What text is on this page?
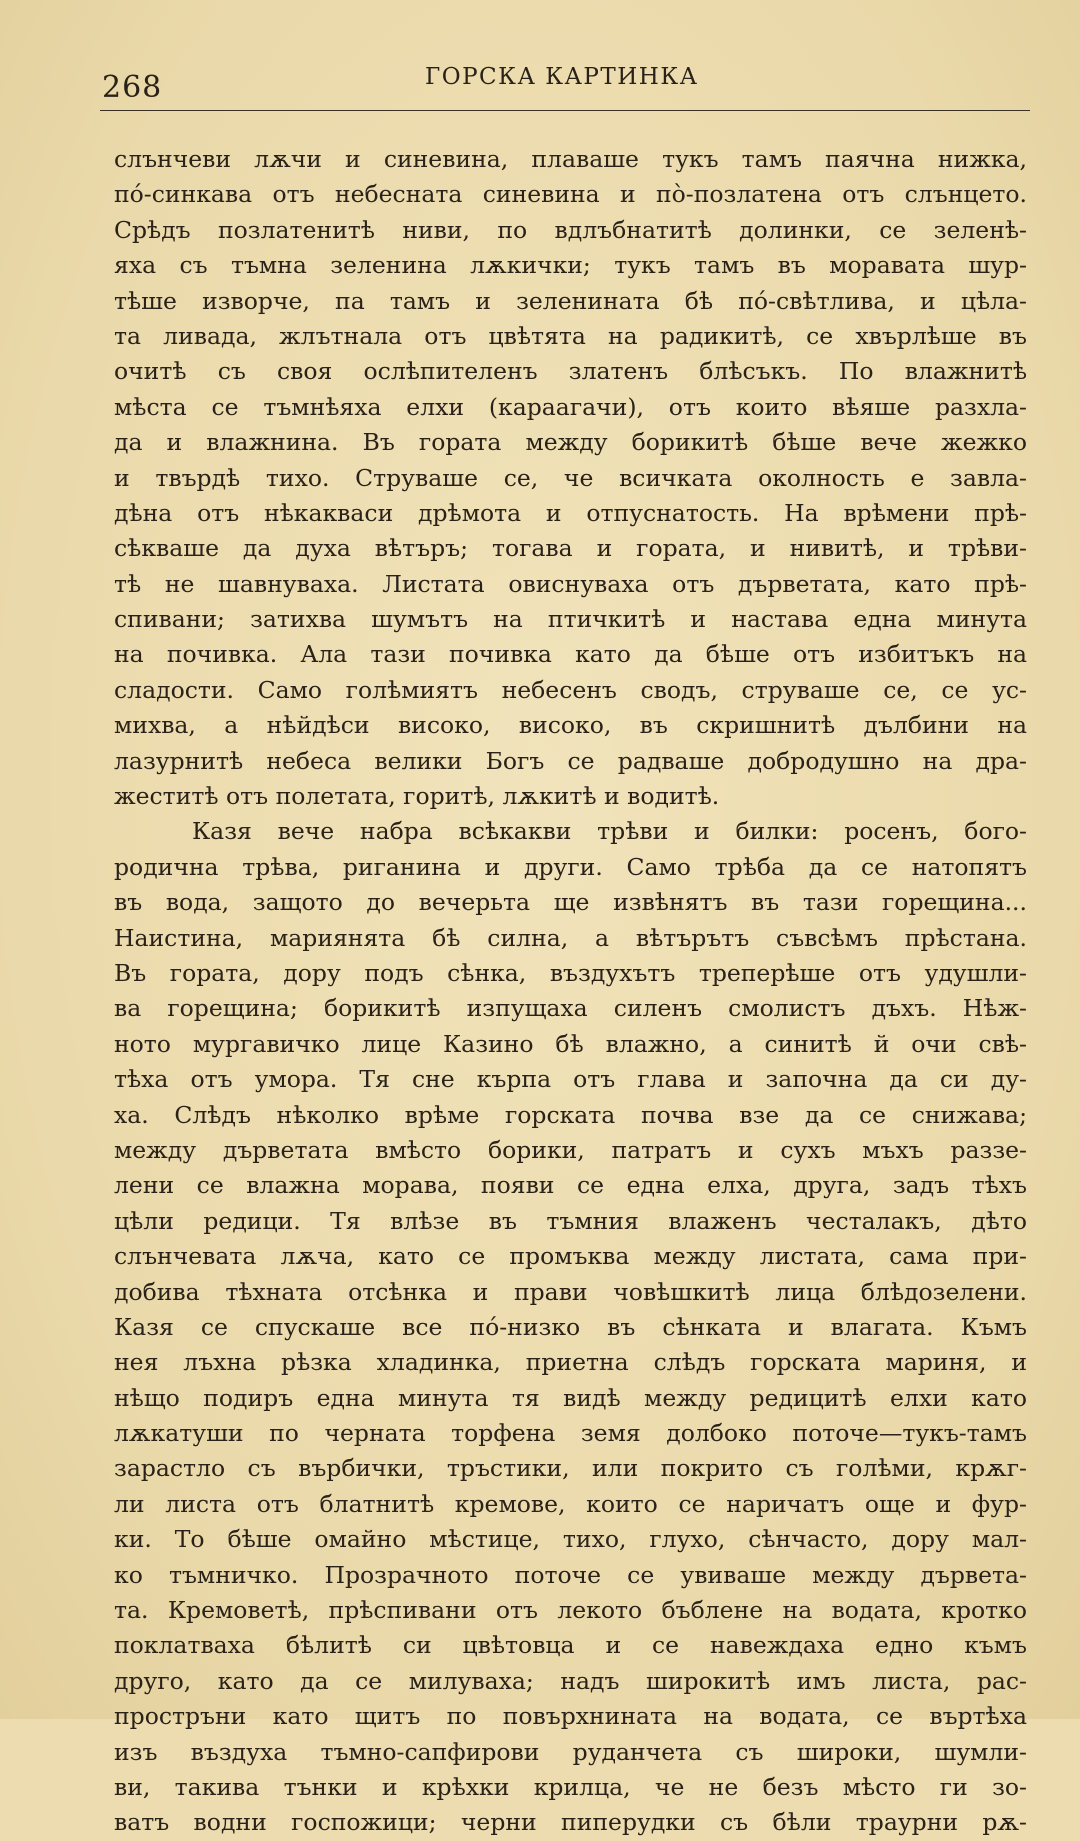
268	ГОРСКА КАРТИНКА
слънчеви лѫчи и синевина, плаваше тукъ тамъ паячна нижка,
по́-синкава отъ небесната синевина и по̀-позлатена отъ слънцето.
Срѣдъ позлатенитѣ ниви, по вдлъбнатитѣ долинки, се зеленѣ-
яха съ тъмна зеленина лѫкички; тукъ тамъ въ моравата шур-
тѣше изворче, па тамъ и зеленината бѣ по́-свѣтлива, и цѣла-
та ливада, жлътнала отъ цвѣтята на радикитѣ, се хвърлѣше въ
очитѣ съ своя ослѣпителенъ златенъ блѣсъкъ. По влажнитѣ
мѣста се тъмнѣяха елхи (караагачи), отъ които вѣяше разхла-
да и влажнина. Въ гората между борикитѣ бѣше вече жежко
и твърдѣ тихо. Струваше се, че всичката околность е завла-
дѣна отъ нѣкакваси дрѣмота и отпуснатость. На врѣмени прѣ-
сѣкваше да духа вѣтъръ; тогава и гората, и нивитѣ, и трѣви-
тѣ не шавнуваха. Листата овиснуваха отъ дърветата, като прѣ-
спивани; затихва шумътъ на птичкитѣ и настава една минута
на почивка. Ала тази почивка като да бѣше отъ избитъкъ на
сладости. Само голѣмиятъ небесенъ сводъ, струваше се, се ус-
михва, а нѣйдѣси високо, високо, въ скришнитѣ дълбини на
лазурнитѣ небеса велики Богъ се радваше добродушно на дра-
жеститѣ отъ полетата, горитѣ, лѫкитѣ и водитѣ.
Казя вече набра всѣкакви трѣви и билки: росенъ, бого-
родична трѣва, риганина и други. Само трѣба да се натопятъ
въ вода, защото до вечерьта ще извѣнятъ въ тази горещина...
Наистина, мариянята бѣ силна, а вѣтърътъ съвсѣмъ прѣстана.
Въ гората, дору подъ сѣнка, въздухътъ треперѣше отъ удушли-
ва горещина; борикитѣ изпущаха силенъ смолистъ дъхъ. Нѣж-
ното мургавичко лице Казино бѣ влажно, а синитѣ й очи свѣ-
тѣха отъ умора. Тя сне кърпа отъ глава и започна да си ду-
ха. Слѣдъ нѣколко врѣме горската почва взе да се снижава;
между дърветата вмѣсто борики, патратъ и сухъ мъхъ раззе-
лени се влажна морава, появи се една елха, друга, задъ тѣхъ
цѣли редици. Тя влѣзе въ тъмния влаженъ честалакъ, дѣто
слънчевата лѫча, като се промъква между листата, сама при-
добива тѣхната отсѣнка и прави човѣшкитѣ лица блѣдозелени.
Казя се спускаше все по́-низко въ сѣнката и влагата. Къмъ
нея лъхна рѣзка хладинка, приетна слѣдъ горската мариня, и
нѣщо подиръ една минута тя видѣ между редицитѣ елхи като
лѫкатуши по черната торфена земя долбоко поточе—тукъ-тамъ
зарастло съ върбички, тръстики, или покрито съ голѣми, крѫг-
ли листа отъ блатнитѣ кремове, които се наричатъ още и фур-
ки. То бѣше омайно мѣстице, тихо, глухо, сѣнчасто, дору мал-
ко тъмничко. Прозрачното поточе се увиваше между дървета-
та. Кремоветѣ, прѣспивани отъ лекото бъблене на водата, кротко
поклатваха бѣлитѣ си цвѣтовца и се навеждаха едно къмъ
друго, като да се милуваха; надъ широкитѣ имъ листа, рас-
простръни като щитъ по повърхнината на водата, се въртѣха
изъ въздуха тъмно-сапфирови руданчета съ широки, шумли-
ви, такива тънки и крѣхки крилца, че не безъ мѣсто ги зо-
ватъ водни госпожици; черни пиперудки съ бѣли траурни рѫ-
